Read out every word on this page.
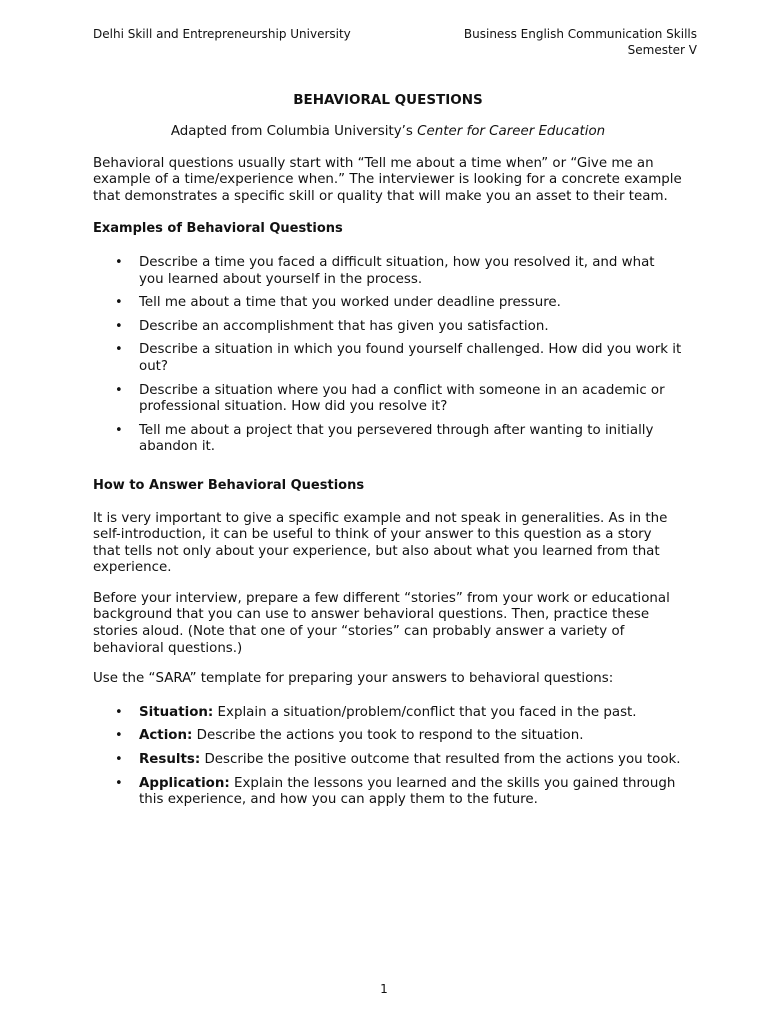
Delhi Skill and Entrepreneurship University	Business English Communication Skills
Semester V
BEHAVIORAL QUESTIONS
Adapted from Columbia University’s Center for Career Education

Behavioral questions usually start with “Tell me about a time when” or “Give me an example of a time/experience when.” The interviewer is looking for a concrete example that demonstrates a specific skill or quality that will make you an asset to their team.

Examples of Behavioral Questions
• Describe a time you faced a difficult situation, how you resolved it, and what you learned about yourself in the process.
• Tell me about a time that you worked under deadline pressure.
• Describe an accomplishment that has given you satisfaction.
• Describe a situation in which you found yourself challenged. How did you work it out?
• Describe a situation where you had a conflict with someone in an academic or professional situation. How did you resolve it?
• Tell me about a project that you persevered through after wanting to initially abandon it.
How to Answer Behavioral Questions

It is very important to give a specific example and not speak in generalities. As in the self-introduction, it can be useful to think of your answer to this question as a story that tells not only about your experience, but also about what you learned from that experience.

Before your interview, prepare a few different “stories” from your work or educational background that you can use to answer behavioral questions. Then, practice these stories aloud. (Note that one of your “stories” can probably answer a variety of behavioral questions.)

Use the “SARA” template for preparing your answers to behavioral questions:

• Situation: Explain a situation/problem/conflict that you faced in the past.
• Action: Describe the actions you took to respond to the situation.
• Results: Describe the positive outcome that resulted from the actions you took.
• Application: Explain the lessons you learned and the skills you gained through this experience, and how you can apply them to the future.
1
